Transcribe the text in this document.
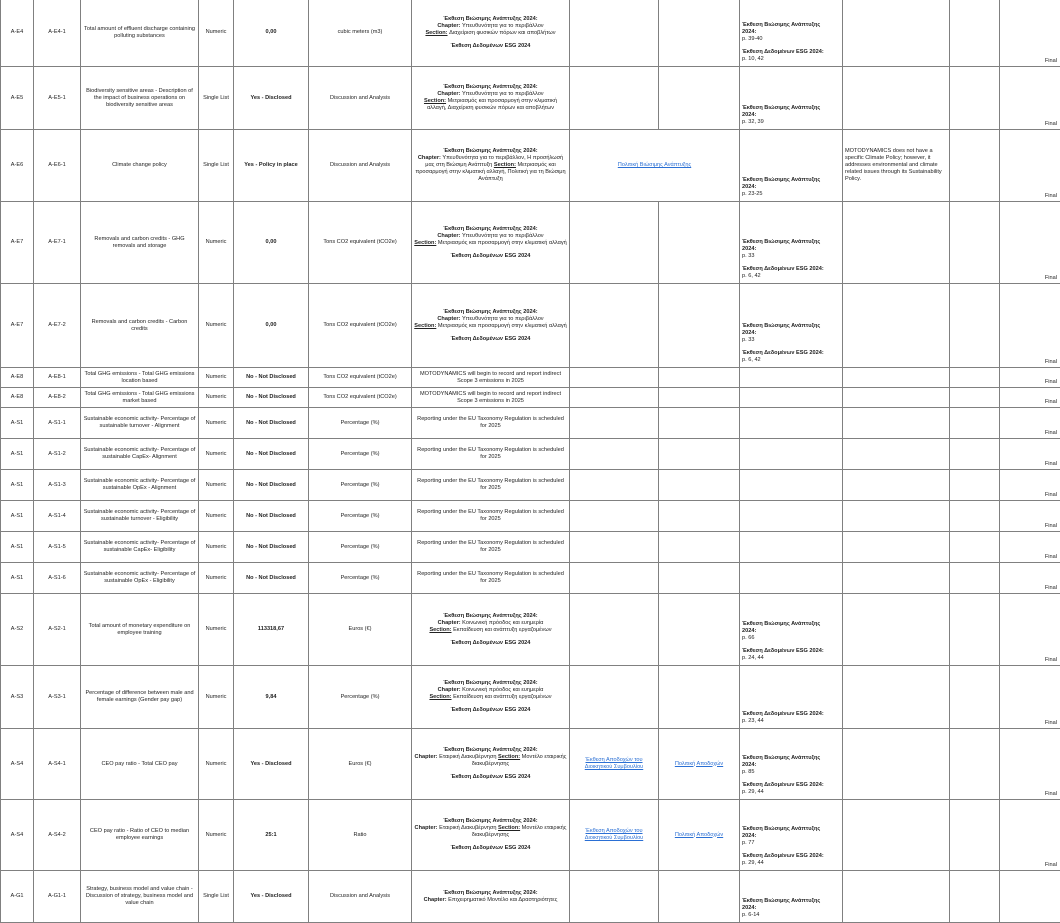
A-E4	A-E4-1	Total amount of effluent discharge containing polluting substances	Numeric	0,00	cubic meters (m3)	Έκθεση Βιώσιμης Ανάπτυξης 2024:
Chapter: Υπευθυνότητα για το περιβάλλον
Section: Διαχείριση φυσικών πόρων και αποβλήτων
Έκθεση Δεδομένων ESG 2024			Έκθεση Βιώσιμης Ανάπτυξης
2024:
p. 39-40
Έκθεση Δεδομένων ESG 2024:
p. 10, 42			Final
A-E5	A-E5-1	Biodiversity sensitive areas - Description of the impact of business operations on biodiversity sensitive areas	Single List	Yes - Disclosed	Discussion and Analysis	Έκθεση Βιώσιμης Ανάπτυξης 2024:
Chapter: Υπευθυνότητα για το περιβάλλον
Section: Μετριασμός και προσαρμογή στην κλιματική αλλαγή, Διαχείριση φυσικών πόρων και αποβλήτων			Έκθεση Βιώσιμης Ανάπτυξης
2024:
p. 32, 39			Final
A-E6	A-E6-1	Climate change policy	Single List	Yes - Policy in place	Discussion and Analysis	Έκθεση Βιώσιμης Ανάπτυξης 2024:
Chapter: Υπευθυνότητα για το περιβάλλον, Η προσήλωσή μας στη Βιώσιμη Ανάπτυξη Section: Μετριασμός και προσαρμογή στην κλιματική αλλαγή, Πολιτική για τη Βιώσιμη Ανάπτυξη	Πολιτική Βιώσιμης Ανάπτυξης		Έκθεση Βιώσιμης Ανάπτυξης
2024:
p. 23-25	MOTODYNAMICS does not have a specific Climate Policy; however, it addresses environmental and climate related issues through its Sustainability Policy.		Final
A-E7	A-E7-1	Removals and carbon credits - GHG removals and storage	Numeric	0,00	Tons CO2 equivalent (tCO2e)	Έκθεση Βιώσιμης Ανάπτυξης 2024:
Chapter: Υπευθυνότητα για το περιβάλλον
Section: Μετριασμός και προσαρμογή στην κλιματική αλλαγή
Έκθεση Δεδομένων ESG 2024			Έκθεση Βιώσιμης Ανάπτυξης
2024:
p. 33
Έκθεση Δεδομένων ESG 2024:
p. 6, 42			Final
A-E7	A-E7-2	Removals and carbon credits - Carbon credits	Numeric	0,00	Tons CO2 equivalent (tCO2e)	Έκθεση Βιώσιμης Ανάπτυξης 2024:
Chapter: Υπευθυνότητα για το περιβάλλον
Section: Μετριασμός και προσαρμογή στην κλιματική αλλαγή
Έκθεση Δεδομένων ESG 2024			Έκθεση Βιώσιμης Ανάπτυξης
2024:
p. 33
Έκθεση Δεδομένων ESG 2024:
p. 6, 42			Final
A-E8	A-E8-1	Total GHG emissions - Total GHG emissions location based	Numeric	No - Not Disclosed	Tons CO2 equivalent (tCO2e)	MOTODYNAMICS will begin to record and report indirect Scope 3 emissions in 2025						Final
A-E8	A-E8-2	Total GHG emissions - Total GHG emissions market based	Numeric	No - Not Disclosed	Tons CO2 equivalent (tCO2e)	MOTODYNAMICS will begin to record and report indirect Scope 3 emissions in 2025						Final
A-S1	A-S1-1	Sustainable economic activity- Percentage of sustainable turnover - Alignment	Numeric	No - Not Disclosed	Percentage (%)	Reporting under the EU Taxonomy Regulation is scheduled for 2025						Final
A-S1	A-S1-2	Sustainable economic activity- Percentage of sustainable CapEx- Alignment	Numeric	No - Not Disclosed	Percentage (%)	Reporting under the EU Taxonomy Regulation is scheduled for 2025						Final
A-S1	A-S1-3	Sustainable economic activity- Percentage of sustainable OpEx - Alignment	Numeric	No - Not Disclosed	Percentage (%)	Reporting under the EU Taxonomy Regulation is scheduled for 2025						Final
A-S1	A-S1-4	Sustainable economic activity- Percentage of sustainable turnover - Eligibility	Numeric	No - Not Disclosed	Percentage (%)	Reporting under the EU Taxonomy Regulation is scheduled for 2025						Final
A-S1	A-S1-5	Sustainable economic activity- Percentage of sustainable CapEx- Eligibility	Numeric	No - Not Disclosed	Percentage (%)	Reporting under the EU Taxonomy Regulation is scheduled for 2025						Final
A-S1	A-S1-6	Sustainable economic activity- Percentage of sustainable OpEx - Eligibility	Numeric	No - Not Disclosed	Percentage (%)	Reporting under the EU Taxonomy Regulation is scheduled for 2025						Final
A-S2	A-S2-1	Total amount of monetary expenditure on employee training	Numeric	113318,67	Euros (€)	Έκθεση Βιώσιμης Ανάπτυξης 2024:
Chapter: Κοινωνική πρόοδος και ευημερία
Section: Εκπαίδευση και ανάπτυξη εργαζομένων
Έκθεση Δεδομένων ESG 2024			Έκθεση Βιώσιμης Ανάπτυξης
2024:
p. 66
Έκθεση Δεδομένων ESG 2024:
p. 24, 44			Final
A-S3	A-S3-1	Percentage of difference between male and female earnings (Gender pay gap)	Numeric	9,84	Percentage (%)	Έκθεση Βιώσιμης Ανάπτυξης 2024:
Chapter: Κοινωνική πρόοδος και ευημερία
Section: Εκπαίδευση και ανάπτυξη εργαζομένων
Έκθεση Δεδομένων ESG 2024			Έκθεση Δεδομένων ESG 2024:
p. 23, 44			Final
A-S4	A-S4-1	CEO pay ratio - Total CEO pay	Numeric	Yes - Disclosed	Euros (€)	Έκθεση Βιώσιμης Ανάπτυξης 2024:
Chapter: Εταιρική Διακυβέρνηση Section: Μοντέλο εταιρικής διακυβέρνησης
Έκθεση Δεδομένων ESG 2024	Έκθεση Αποδοχών του Διοικητικού Συμβουλίου	Πολιτική Αποδοχών	Έκθεση Βιώσιμης Ανάπτυξης
2024:
p. 85
Έκθεση Δεδομένων ESG 2024:
p. 29, 44			Final
A-S4	A-S4-2	CEO pay ratio - Ratio of CEO to median employee earnings	Numeric	25:1	Ratio	Έκθεση Βιώσιμης Ανάπτυξης 2024:
Chapter: Εταιρική Διακυβέρνηση Section: Μοντέλο εταιρικής διακυβέρνησης
Έκθεση Δεδομένων ESG 2024	Έκθεση Αποδοχών του Διοικητικού Συμβουλίου	Πολιτική Αποδοχών	Έκθεση Βιώσιμης Ανάπτυξης
2024:
p. 77
Έκθεση Δεδομένων ESG 2024:
p. 29, 44			Final
A-G1	A-G1-1	Strategy, business model and value chain - Discussion of strategy, business model and value chain	Single List	Yes - Disclosed	Discussion and Analysis	Έκθεση Βιώσιμης Ανάπτυξης 2024:
Chapter: Επιχειρηματικό Μοντέλο και Δραστηριότητες			Έκθεση Βιώσιμης Ανάπτυξης
2024:
p. 6-14			
